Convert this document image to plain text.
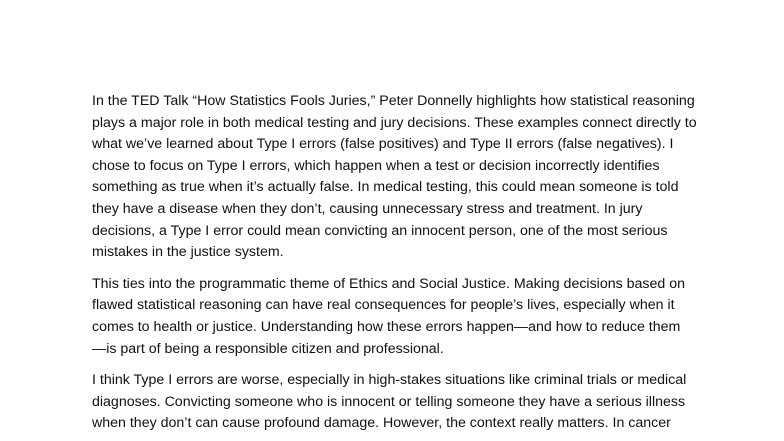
In the TED Talk “How Statistics Fools Juries,” Peter Donnelly highlights how statistical reasoning
plays a major role in both medical testing and jury decisions. These examples connect directly to
what we’ve learned about Type I errors (false positives) and Type II errors (false negatives). I
chose to focus on Type I errors, which happen when a test or decision incorrectly identifies
something as true when it’s actually false. In medical testing, this could mean someone is told
they have a disease when they don’t, causing unnecessary stress and treatment. In jury
decisions, a Type I error could mean convicting an innocent person, one of the most serious
mistakes in the justice system.

This ties into the programmatic theme of Ethics and Social Justice. Making decisions based on
flawed statistical reasoning can have real consequences for people’s lives, especially when it
comes to health or justice. Understanding how these errors happen—and how to reduce them
—is part of being a responsible citizen and professional.

I think Type I errors are worse, especially in high-stakes situations like criminal trials or medical
diagnoses. Convicting someone who is innocent or telling someone they have a serious illness
when they don’t can cause profound damage. However, the context really matters. In cancer
